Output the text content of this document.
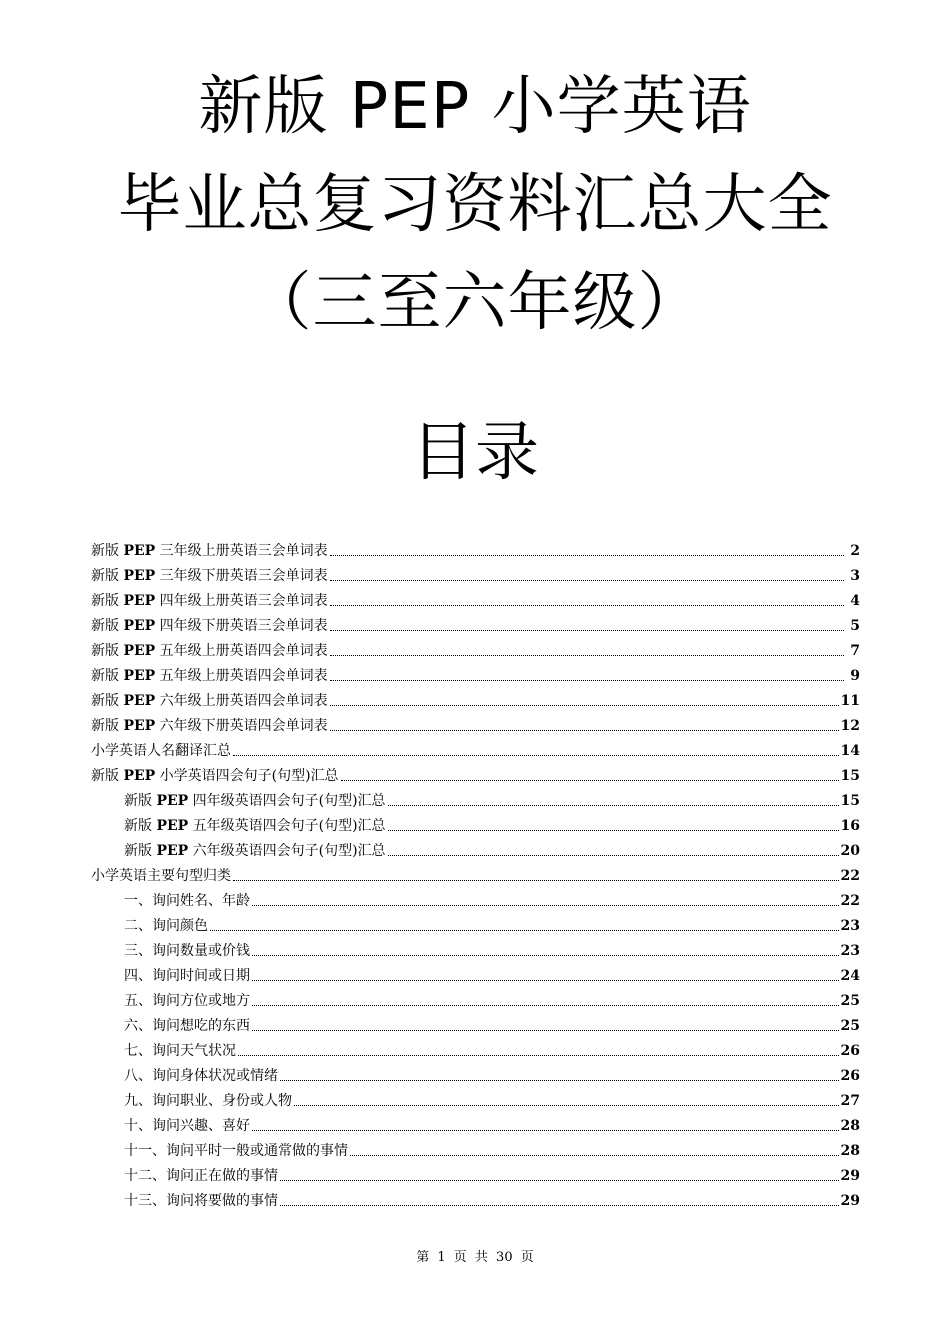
新版 PEP 小学英语
毕业总复习资料汇总大全
（三至六年级）
目录
新版 PEP 三年级上册英语三会单词表	2
新版 PEP 三年级下册英语三会单词表	3
新版 PEP 四年级上册英语三会单词表	4
新版 PEP 四年级下册英语三会单词表	5
新版 PEP 五年级上册英语四会单词表	7
新版 PEP 五年级上册英语四会单词表	9
新版 PEP 六年级上册英语四会单词表	11
新版 PEP 六年级下册英语四会单词表	12
小学英语人名翻译汇总	14
新版 PEP 小学英语四会句子(句型)汇总	15
新版 PEP 四年级英语四会句子(句型)汇总	15
新版 PEP 五年级英语四会句子(句型)汇总	16
新版 PEP 六年级英语四会句子(句型)汇总	20
小学英语主要句型归类	22
一、询问姓名、年龄	22
二、询问颜色	23
三、询问数量或价钱	23
四、询问时间或日期	24
五、询问方位或地方	25
六、询问想吃的东西	25
七、询问天气状况	26
八、询问身体状况或情绪	26
九、询问职业、身份或人物	27
十、询问兴趣、喜好	28
十一、询问平时一般或通常做的事情	28
十二、询问正在做的事情	29
十三、询问将要做的事情	29
第 1 页 共 30 页
